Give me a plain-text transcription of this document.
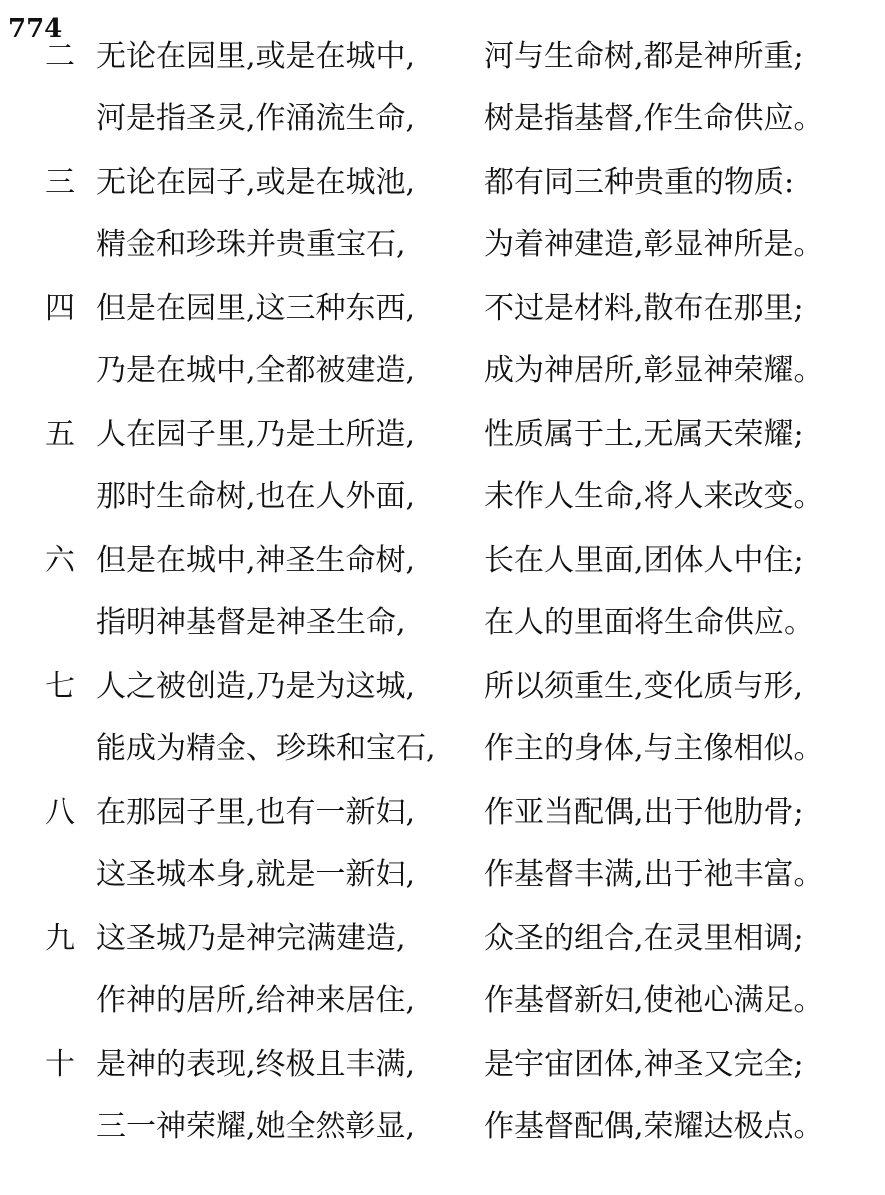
774
二 无论在园里,或是在城中, 河与生命树,都是神所重;
河是指圣灵,作涌流生命, 树是指基督,作生命供应。
三 无论在园子,或是在城池, 都有同三种贵重的物质:
精金和珍珠并贵重宝石,	为着神建造,彰显神所是。
四 但是在园里,这三种东西, 不过是材料,散布在那里;
乃是在城中,全都被建造, 成为神居所,彰显神荣耀。
五 人在园子里,乃是土所造, 性质属于土,无属天荣耀;
那时生命树,也在人外面, 未作人生命,将人来改变。
六 但是在城中,神圣生命树, 长在人里面,团体人中住;
指明神基督是神圣生命,	在人的里面将生命供应。
七 人之被创造,乃是为这城, 所以须重生,变化质与形,
能成为精金、珍珠和宝石, 作主的身体,与主像相似。
八 在那园子里,也有一新妇, 作亚当配偶,出于他肋骨;
这圣城本身,就是一新妇, 作基督丰满,出于祂丰富。
九 这圣城乃是神完满建造,	众圣的组合,在灵里相调;
作神的居所,给神来居住, 作基督新妇,使祂心满足。
十 是神的表现,终极且丰满, 是宇宙团体,神圣又完全;
三一神荣耀,她全然彰显, 作基督配偶,荣耀达极点。
